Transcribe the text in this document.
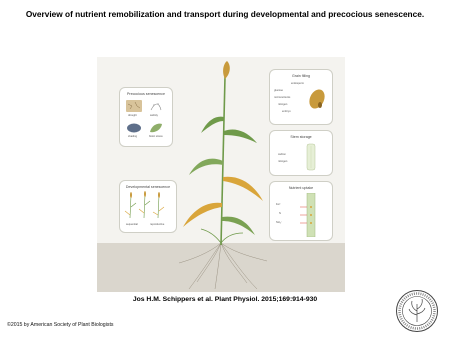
Overview of nutrient remobilization and transport during developmental and precocious senescence.
Precocious senescence
drought	salinity
shading	biotic stress
Developmental senescence
sequential	reproductive
Grain filling
endosperm
glucose
micronutrients
nitrogen
embryo
Stem storage
carbon
nitrogen
Nutrient uptake
Fe²⁺
N
NH₄⁺
Jos H.M. Schippers et al. Plant Physiol. 2015;169:914-930
©2015 by American Society of Plant Biologists
